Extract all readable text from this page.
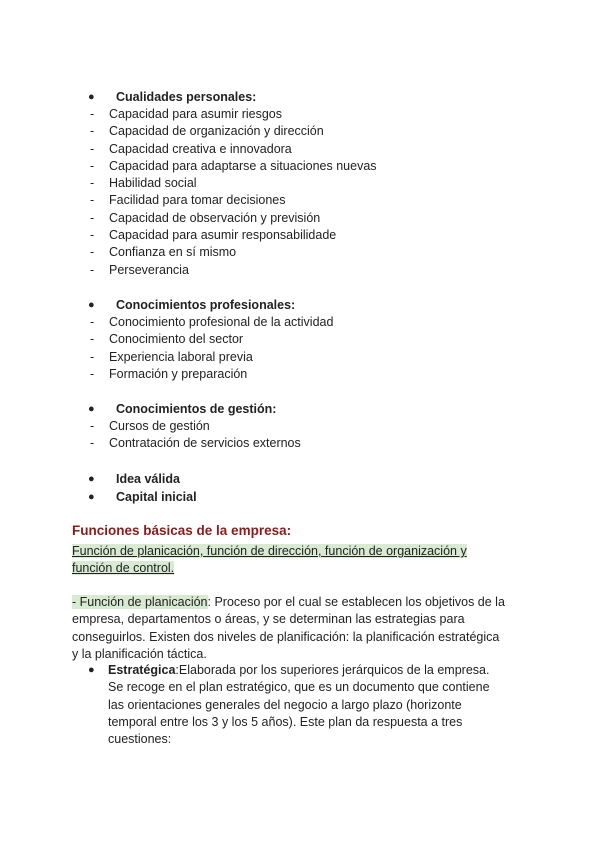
● Cualidades personales:
- Capacidad para asumir riesgos
- Capacidad de organización y dirección
- Capacidad creativa e innovadora
- Capacidad para adaptarse a situaciones nuevas
- Habilidad social
- Facilidad para tomar decisiones
- Capacidad de observación y previsión
- Capacidad para asumir responsabilidade
- Confianza en sí mismo
- Perseverancia
● Conocimientos profesionales:
- Conocimiento profesional de la actividad
- Conocimiento del sector
- Experiencia laboral previa
- Formación y preparación
● Conocimientos de gestión:
- Cursos de gestión
- Contratación de servicios externos
● Idea válida
● Capital inicial
Funciones básicas de la empresa:
Función de planicación, función de dirección, función de organización y
función de control.
- Función de planicación: Proceso por el cual se establecen los objetivos de la
empresa, departamentos o áreas, y se determinan las estrategias para
conseguirlos. Existen dos niveles de planificación: la planificación estratégica
y la planificación táctica.
● Estratégica:Elaborada por los superiores jerárquicos de la empresa.
Se recoge en el plan estratégico, que es un documento que contiene
las orientaciones generales del negocio a largo plazo (horizonte
temporal entre los 3 y los 5 años). Este plan da respuesta a tres
cuestiones:
